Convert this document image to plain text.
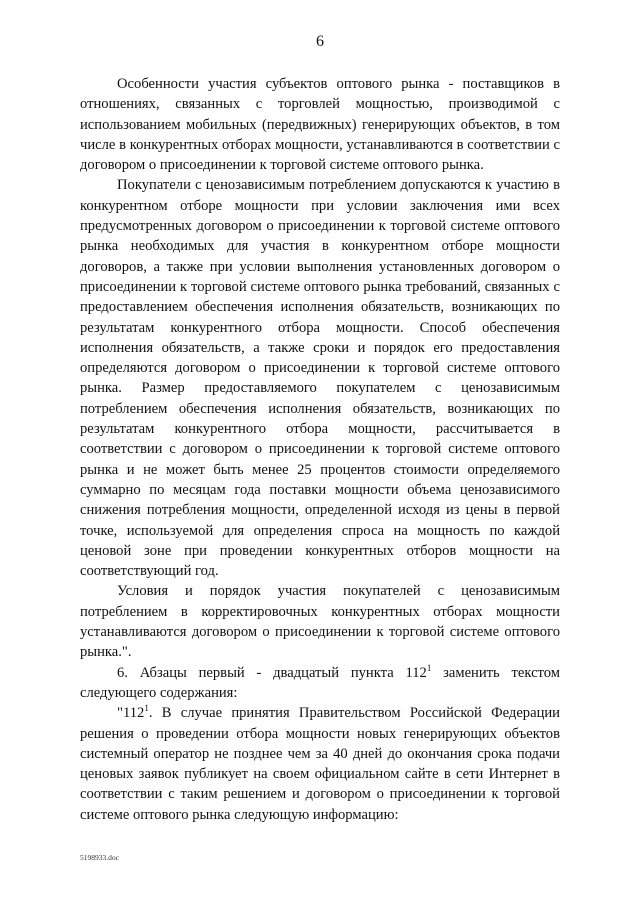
6

Особенности участия субъектов оптового рынка - поставщиков в отношениях, связанных с торговлей мощностью, производимой с использованием мобильных (передвижных) генерирующих объектов, в том числе в конкурентных отборах мощности, устанавливаются в соответствии с договором о присоединении к торговой системе оптового рынка.

Покупатели с ценозависимым потреблением допускаются к участию в конкурентном отборе мощности при условии заключения ими всех предусмотренных договором о присоединении к торговой системе оптового рынка необходимых для участия в конкурентном отборе мощности договоров, а также при условии выполнения установленных договором о присоединении к торговой системе оптового рынка требований, связанных с предоставлением обеспечения исполнения обязательств, возникающих по результатам конкурентного отбора мощности. Способ обеспечения исполнения обязательств, а также сроки и порядок его предоставления определяются договором о присоединении к торговой системе оптового рынка. Размер предоставляемого покупателем с ценозависимым потреблением обеспечения исполнения обязательств, возникающих по результатам конкурентного отбора мощности, рассчитывается в соответствии с договором о присоединении к торговой системе оптового рынка и не может быть менее 25 процентов стоимости определяемого суммарно по месяцам года поставки мощности объема ценозависимого снижения потребления мощности, определенной исходя из цены в первой точке, используемой для определения спроса на мощность по каждой ценовой зоне при проведении конкурентных отборов мощности на соответствующий год.

Условия и порядок участия покупателей с ценозависимым потреблением в корректировочных конкурентных отборах мощности устанавливаются договором о присоединении к торговой системе оптового рынка.".

6. Абзацы первый - двадцатый пункта $112^1$ заменить текстом следующего содержания:

"$112^1$. В случае принятия Правительством Российской Федерации решения о проведении отбора мощности новых генерирующих объектов системный оператор не позднее чем за 40 дней до окончания срока подачи ценовых заявок публикует на своем официальном сайте в сети Интернет в соответствии с таким решением и договором о присоединении к торговой системе оптового рынка следующую информацию:

5198933.doc
